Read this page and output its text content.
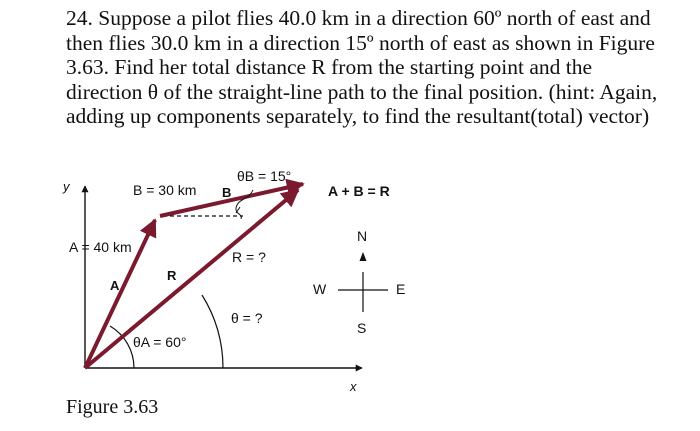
24. Suppose a pilot flies 40.0 km in a direction 60º north of east and then flies 30.0 km in a direction 15º north of east as shown in Figure 3.63. Find her total distance R from the starting point and the direction θ of the straight-line path to the final position. (hint: Again, adding up components separately, to find the resultant(total) vector)
y
x
B = 30 km B
θB = 15°
A = 40 km
A
R
R = ?
θ = ?
θA = 60°
A + B = R
N
S
W	E
Figure 3.63
